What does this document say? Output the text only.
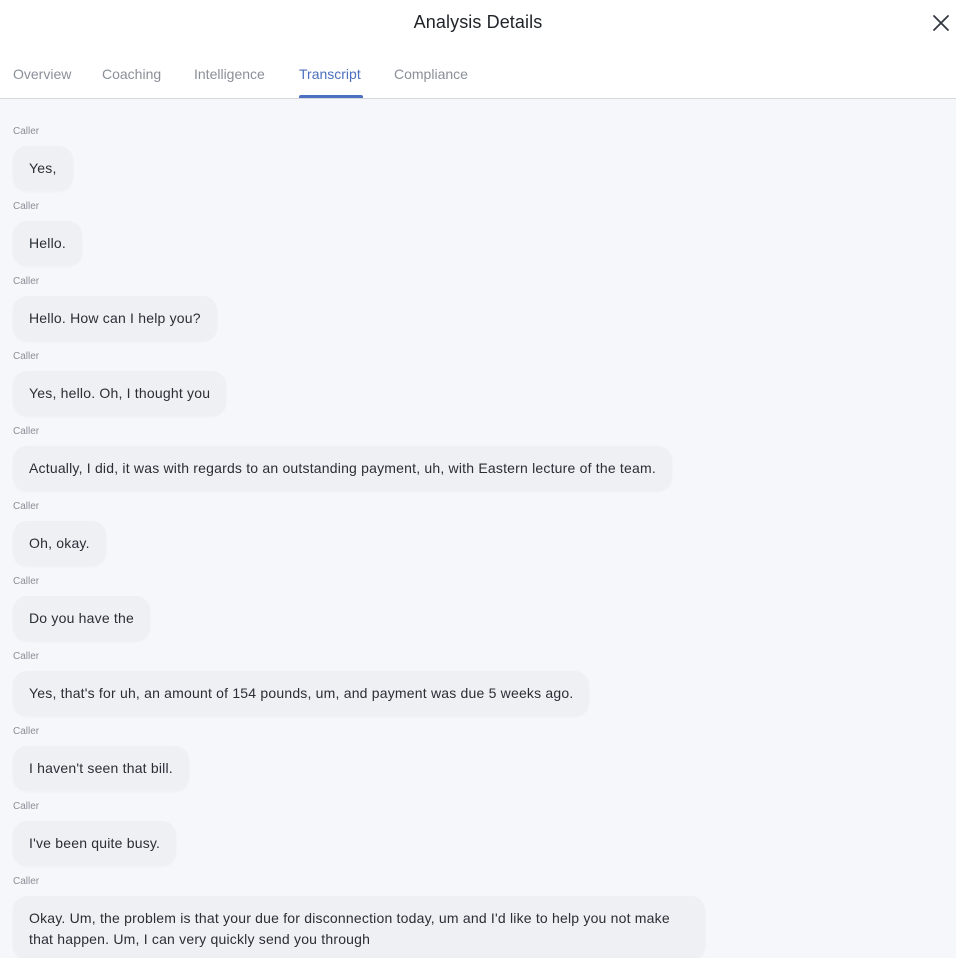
Analysis Details
Overview Coaching Intelligence Transcript Compliance
Caller
Yes,
Caller
Hello.
Caller
Hello. How can I help you?
Caller
Yes, hello. Oh, I thought you
Caller
Actually, I did, it was with regards to an outstanding payment, uh, with Eastern lecture of the team.
Caller
Oh, okay.
Caller
Do you have the
Caller
Yes, that's for uh, an amount of 154 pounds, um, and payment was due 5 weeks ago.
Caller
I haven't seen that bill.
Caller
I've been quite busy.
Caller
Okay. Um, the problem is that your due for disconnection today, um and I'd like to help you not make that happen. Um, I can very quickly send you through
